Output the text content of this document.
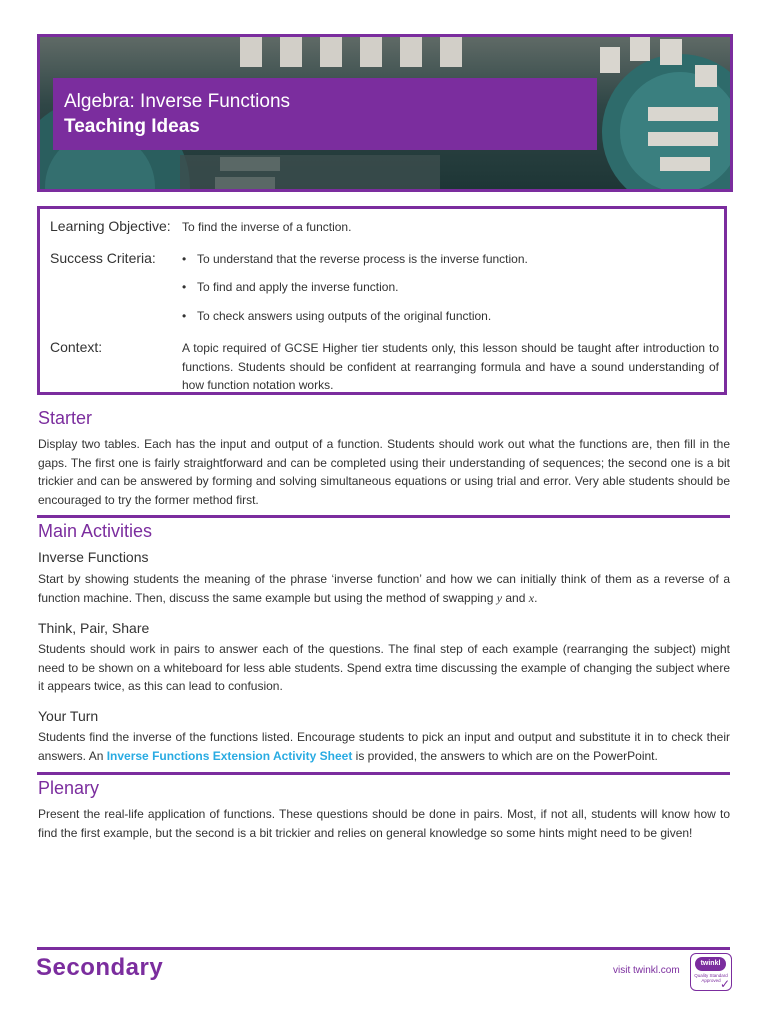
Algebra: Inverse Functions
Teaching Ideas
Learning Objective: To find the inverse of a function.
Success Criteria:	To understand that the reverse process is the inverse function.
To find and apply the inverse function.
To check answers using outputs of the original function.
Context:	A topic required of GCSE Higher tier students only, this lesson should be taught after introduction to functions. Students should be confident at rearranging formula and have a sound understanding of how function notation works.
Starter
Display two tables. Each has the input and output of a function. Students should work out what the functions are, then fill in the gaps. The first one is fairly straightforward and can be completed using their understanding of sequences; the second one is a bit trickier and can be answered by forming and solving simultaneous equations or using trial and error. Very able students should be encouraged to try the former method first.
Main Activities
Inverse Functions
Start by showing students the meaning of the phrase ‘inverse function’ and how we can initially think of them as a reverse of a function machine. Then, discuss the same example but using the method of swapping y and x.
Think, Pair, Share
Students should work in pairs to answer each of the questions. The final step of each example (rearranging the subject) might need to be shown on a whiteboard for less able students. Spend extra time discussing the example of changing the subject where it appears twice, as this can lead to confusion.
Your Turn
Students find the inverse of the functions listed. Encourage students to pick an input and output and substitute it in to check their answers. An Inverse Functions Extension Activity Sheet is provided, the answers to which are on the PowerPoint.
Plenary
Present the real-life application of functions. These questions should be done in pairs. Most, if not all, students will know how to find the first example, but the second is a bit trickier and relies on general knowledge so some hints might need to be given!
Secondary	visit twinkl.com
twinkl
Quality Standard Approved ✓
